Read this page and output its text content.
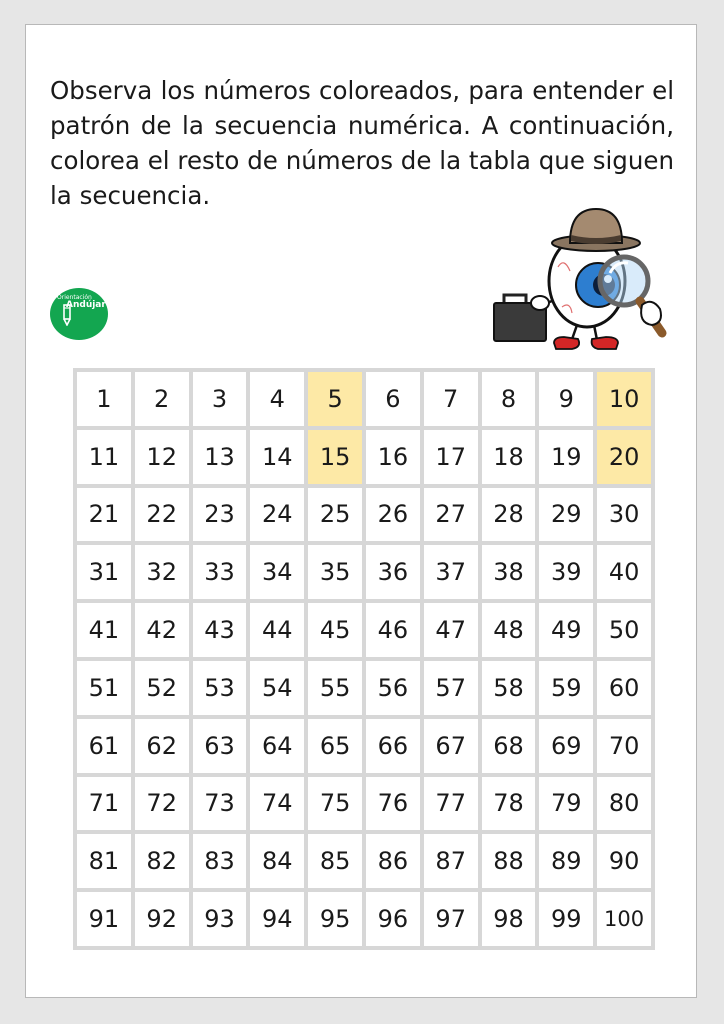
Observa los números coloreados, para entender el patrón de la secuencia numérica. A continuación, colorea el resto de números de la tabla que siguen la secuencia.

Orientación
Andújar
1	2	3	4	5	6	7	8	9	10
11	12	13	14	15	16	17	18	19	20
21	22	23	24	25	26	27	28	29	30
31	32	33	34	35	36	37	38	39	40
41	42	43	44	45	46	47	48	49	50
51	52	53	54	55	56	57	58	59	60
61	62	63	64	65	66	67	68	69	70
71	72	73	74	75	76	77	78	79	80
81	82	83	84	85	86	87	88	89	90
91	92	93	94	95	96	97	98	99	100
